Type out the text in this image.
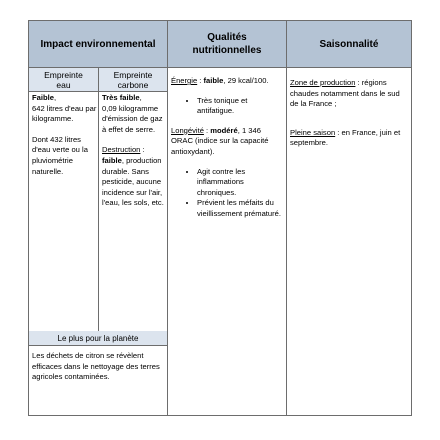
Impact environnemental
Qualités
nutritionnelles
Saisonnalité
Empreinte
eau
Empreinte
carbone

Faible,

642 litres d'eau par kilogramme.

Dont 432 litres d'eau verte ou la pluviométrie naturelle.

Très faible,

0,09 kilogramme d'émission de gaz à effet de serre.

Destruction :

faible, production durable. Sans pesticide, aucune incidence sur l'air, l'eau, les sols, etc.

Le plus pour la planète

Les déchets de citron se révèlent efficaces dans le nettoyage des terres agricoles contaminées.

Énergie : faible, 29 kcal/100.

• Très tonique et antifatigue.

Longévité : modéré, 1 346 ORAC (indice sur la capacité antioxydant).

• Agit contre les inflammations chroniques.
• Prévient les méfaits du vieillissement prématuré.

Zone de production : régions chaudes notamment dans le sud de la France ;

Pleine saison : en France, juin et septembre.
